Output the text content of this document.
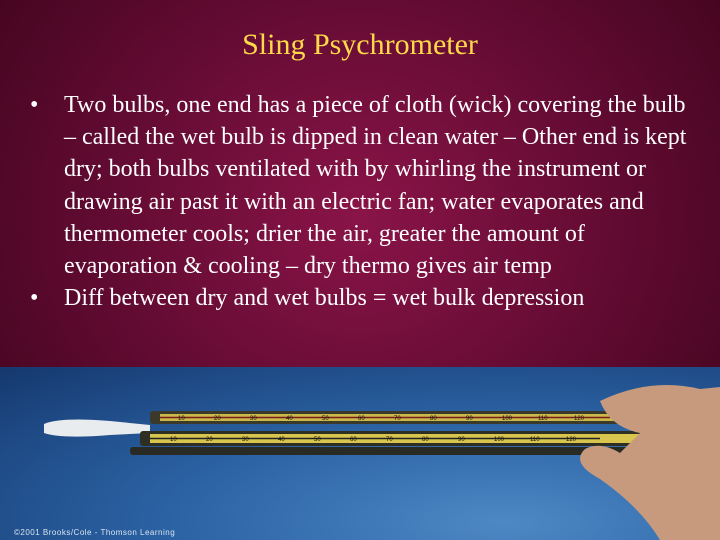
Sling Psychrometer
• Two bulbs, one end has a piece of cloth (wick) covering the bulb – called the wet bulb is dipped in clean water – Other end is kept dry; both bulbs ventilated with by whirling the instrument or drawing air past it with an electric fan; water evaporates and thermometer cools; drier the air, greater the amount of evaporation & cooling – dry thermo gives air temp
• Diff between dry and wet bulbs = wet bulk depression
10
10
20
20
30
30
40
40
50
50
60
60
70
70
80
80
90
90
100
100
110
110
120
120
©2001 Brooks/Cole - Thomson Learning
